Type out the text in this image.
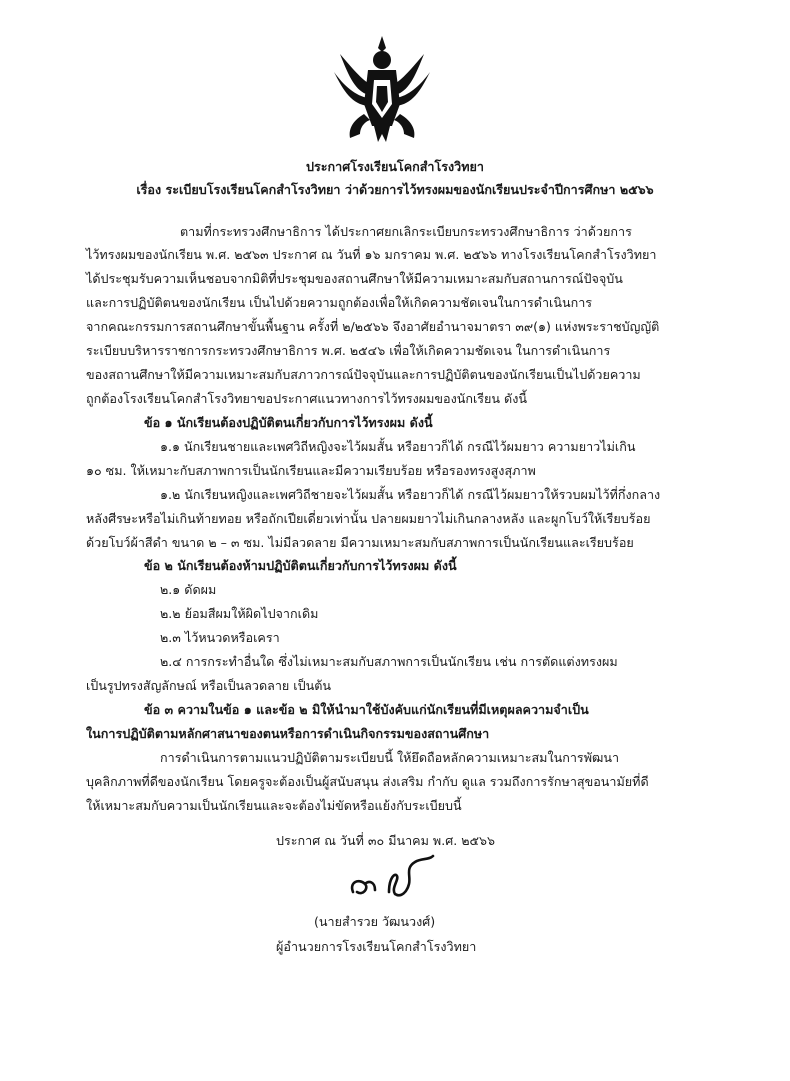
ประกาศโรงเรียนโคกสำโรงวิทยา
เรื่อง ระเบียบโรงเรียนโคกสำโรงวิทยา ว่าด้วยการไว้ทรงผมของนักเรียนประจำปีการศึกษา ๒๕๖๖
ตามที่กระทรวงศึกษาธิการ ได้ประกาศยกเลิกระเบียบกระทรวงศึกษาธิการ ว่าด้วยการ
ไว้ทรงผมของนักเรียน พ.ศ. ๒๕๖๓ ประกาศ ณ วันที่ ๑๖ มกราคม พ.ศ. ๒๕๖๖ ทางโรงเรียนโคกสำโรงวิทยา
ได้ประชุมรับความเห็นชอบจากมิติที่ประชุมของสถานศึกษาให้มีความเหมาะสมกับสถานการณ์ปัจจุบัน
และการปฏิบัติตนของนักเรียน เป็นไปด้วยความถูกต้องเพื่อให้เกิดความชัดเจนในการดำเนินการ
จากคณะกรรมการสถานศึกษาขั้นพื้นฐาน ครั้งที่ ๒/๒๕๖๖ จึงอาศัยอำนาจมาตรา ๓๙(๑) แห่งพระราชบัญญัติ
ระเบียบบริหารราชการกระทรวงศึกษาธิการ พ.ศ. ๒๕๔๖ เพื่อให้เกิดความชัดเจน ในการดำเนินการ
ของสถานศึกษาให้มีความเหมาะสมกับสภาวการณ์ปัจจุบันและการปฏิบัติตนของนักเรียนเป็นไปด้วยความ
ถูกต้องโรงเรียนโคกสำโรงวิทยาขอประกาศแนวทางการไว้ทรงผมของนักเรียน ดังนี้
ข้อ ๑ นักเรียนต้องปฏิบัติตนเกี่ยวกับการไว้ทรงผม ดังนี้
๑.๑ นักเรียนชายและเพศวิถีหญิงจะไว้ผมสั้น หรือยาวก็ได้ กรณีไว้ผมยาว ความยาวไม่เกิน
๑๐ ซม. ให้เหมาะกับสภาพการเป็นนักเรียนและมีความเรียบร้อย หรือรองทรงสูงสุภาพ
๑.๒ นักเรียนหญิงและเพศวิถีชายจะไว้ผมสั้น หรือยาวก็ได้ กรณีไว้ผมยาวให้รวบผมไว้ที่กึ่งกลาง
หลังศีรษะหรือไม่เกินท้ายทอย หรือถักเปียเดี่ยวเท่านั้น ปลายผมยาวไม่เกินกลางหลัง และผูกโบว์ให้เรียบร้อย
ด้วยโบว์ผ้าสีดำ ขนาด ๒ – ๓ ซม. ไม่มีลวดลาย มีความเหมาะสมกับสภาพการเป็นนักเรียนและเรียบร้อย
ข้อ ๒ นักเรียนต้องห้ามปฏิบัติตนเกี่ยวกับการไว้ทรงผม ดังนี้
๒.๑ ดัดผม
๒.๒ ย้อมสีผมให้ผิดไปจากเดิม
๒.๓ ไว้หนวดหรือเครา
๒.๔ การกระทำอื่นใด ซึ่งไม่เหมาะสมกับสภาพการเป็นนักเรียน เช่น การตัดแต่งทรงผม
เป็นรูปทรงสัญลักษณ์ หรือเป็นลวดลาย เป็นต้น
ข้อ ๓ ความในข้อ ๑ และข้อ ๒ มิให้นำมาใช้บังคับแก่นักเรียนที่มีเหตุผลความจำเป็น
ในการปฏิบัติตามหลักศาสนาของตนหรือการดำเนินกิจกรรมของสถานศึกษา
การดำเนินการตามแนวปฏิบัติตามระเบียบนี้ ให้ยึดถือหลักความเหมาะสมในการพัฒนา
บุคลิกภาพที่ดีของนักเรียน โดยครูจะต้องเป็นผู้สนับสนุน ส่งเสริม กำกับ ดูแล รวมถึงการรักษาสุขอนามัยที่ดี
ให้เหมาะสมกับความเป็นนักเรียนและจะต้องไม่ขัดหรือแย้งกับระเบียบนี้
ประกาศ ณ วันที่ ๓๐ มีนาคม พ.ศ. ๒๕๖๖
(นายสำรวย วัฒนวงศ์)
ผู้อำนวยการโรงเรียนโคกสำโรงวิทยา
